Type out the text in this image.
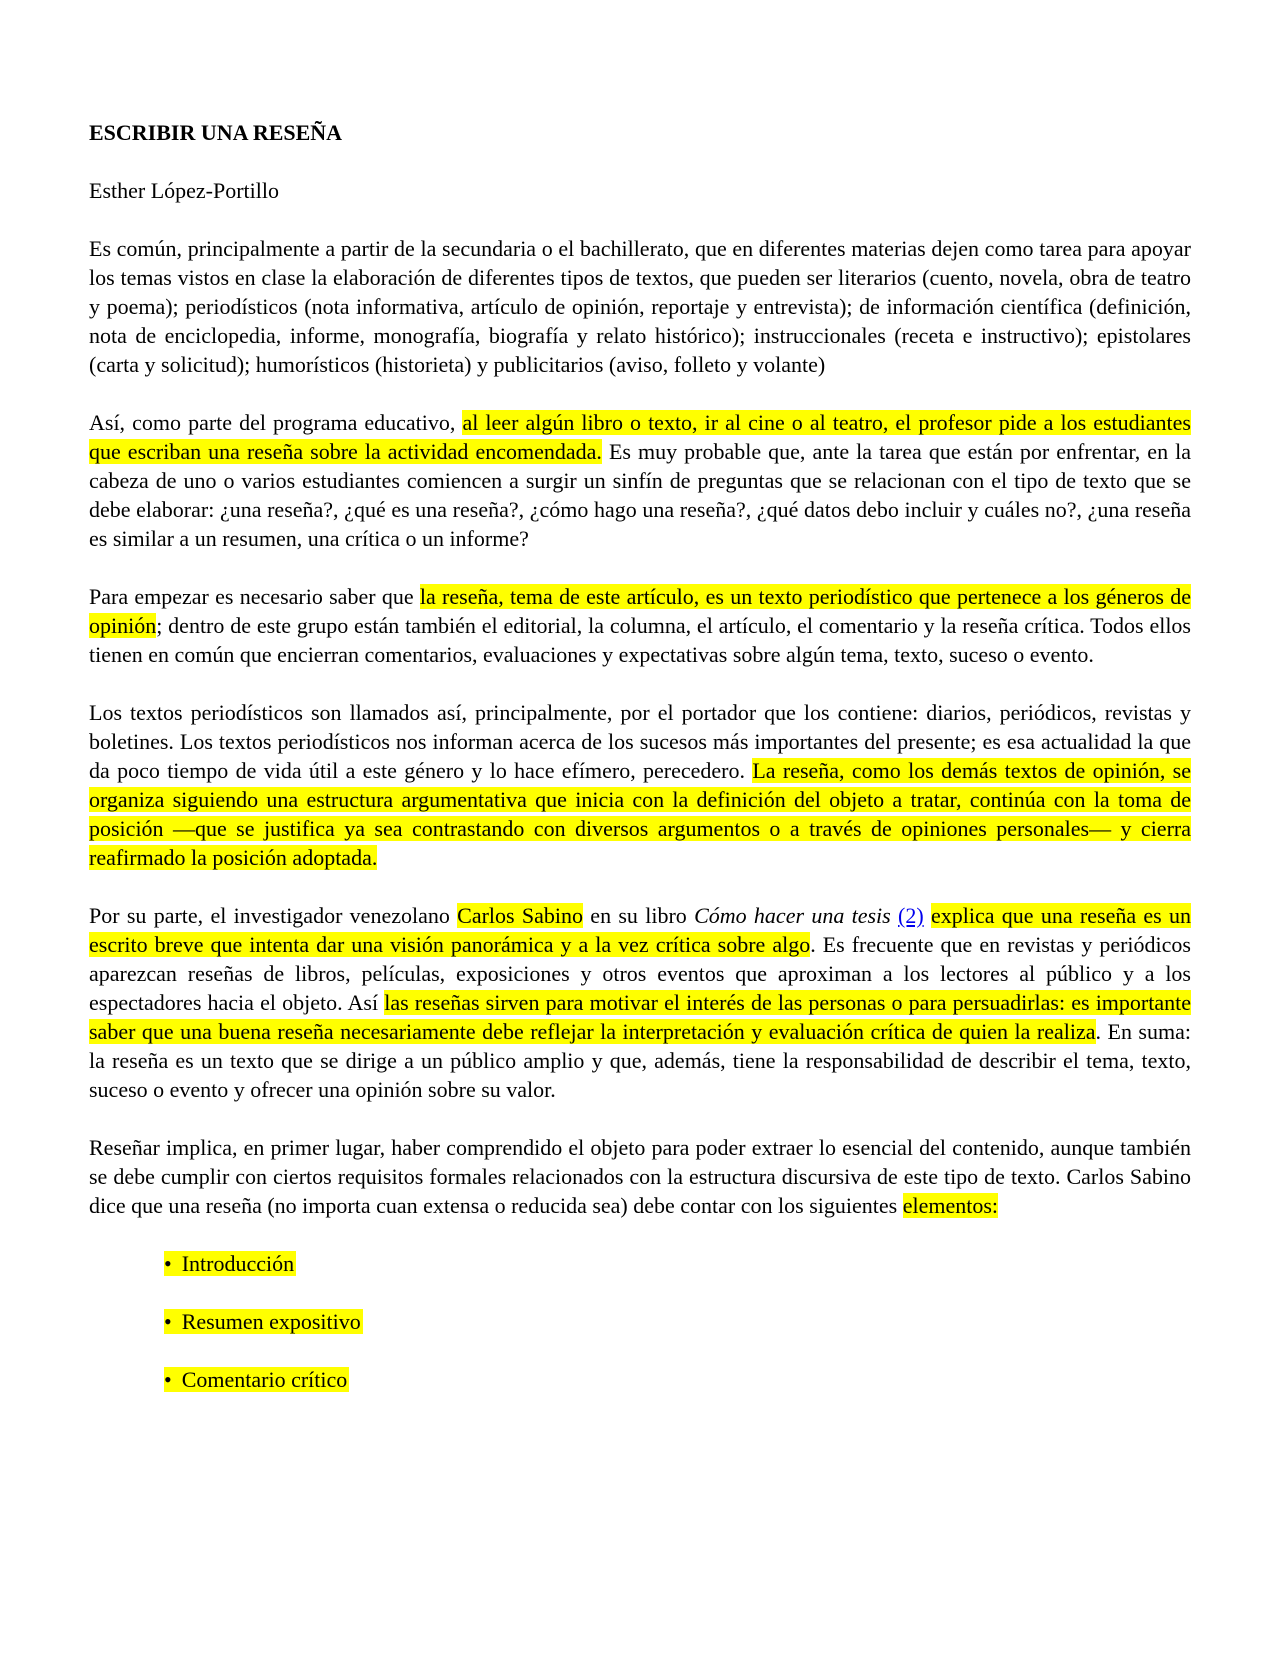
ESCRIBIR UNA RESEÑA
Esther López-Portillo

Es común, principalmente a partir de la secundaria o el bachillerato, que en diferentes materias dejen como tarea para apoyar los temas vistos en clase la elaboración de diferentes tipos de textos, que pueden ser literarios (cuento, novela, obra de teatro y poema); periodísticos (nota informativa, artículo de opinión, reportaje y entrevista); de información científica (definición, nota de enciclopedia, informe, monografía, biografía y relato histórico); instruccionales (receta e instructivo); epistolares (carta y solicitud); humorísticos (historieta) y publicitarios (aviso, folleto y volante)

Así, como parte del programa educativo, al leer algún libro o texto, ir al cine o al teatro, el profesor pide a los estudiantes que escriban una reseña sobre la actividad encomendada. Es muy probable que, ante la tarea que están por enfrentar, en la cabeza de uno o varios estudiantes comiencen a surgir un sinfín de preguntas que se relacionan con el tipo de texto que se debe elaborar: ¿una reseña?, ¿qué es una reseña?, ¿cómo hago una reseña?, ¿qué datos debo incluir y cuáles no?, ¿una reseña es similar a un resumen, una crítica o un informe?

Para empezar es necesario saber que la reseña, tema de este artículo, es un texto periodístico que pertenece a los géneros de opinión; dentro de este grupo están también el editorial, la columna, el artículo, el comentario y la reseña crítica. Todos ellos tienen en común que encierran comentarios, evaluaciones y expectativas sobre algún tema, texto, suceso o evento.

Los textos periodísticos son llamados así, principalmente, por el portador que los contiene: diarios, periódicos, revistas y boletines. Los textos periodísticos nos informan acerca de los sucesos más importantes del presente; es esa actualidad la que da poco tiempo de vida útil a este género y lo hace efímero, perecedero. La reseña, como los demás textos de opinión, se organiza siguiendo una estructura argumentativa que inicia con la definición del objeto a tratar, continúa con la toma de posición —que se justifica ya sea contrastando con diversos argumentos o a través de opiniones personales— y cierra reafirmado la posición adoptada.

Por su parte, el investigador venezolano Carlos Sabino en su libro Cómo hacer una tesis (2) explica que una reseña es un escrito breve que intenta dar una visión panorámica y a la vez crítica sobre algo. Es frecuente que en revistas y periódicos aparezcan reseñas de libros, películas, exposiciones y otros eventos que aproximan a los lectores al público y a los espectadores hacia el objeto. Así las reseñas sirven para motivar el interés de las personas o para persuadirlas: es importante saber que una buena reseña necesariamente debe reflejar la interpretación y evaluación crítica de quien la realiza. En suma: la reseña es un texto que se dirige a un público amplio y que, además, tiene la responsabilidad de describir el tema, texto, suceso o evento y ofrecer una opinión sobre su valor.

Reseñar implica, en primer lugar, haber comprendido el objeto para poder extraer lo esencial del contenido, aunque también se debe cumplir con ciertos requisitos formales relacionados con la estructura discursiva de este tipo de texto. Carlos Sabino dice que una reseña (no importa cuan extensa o reducida sea) debe contar con los siguientes elementos:

• Introducción
• Resumen expositivo
• Comentario crítico
